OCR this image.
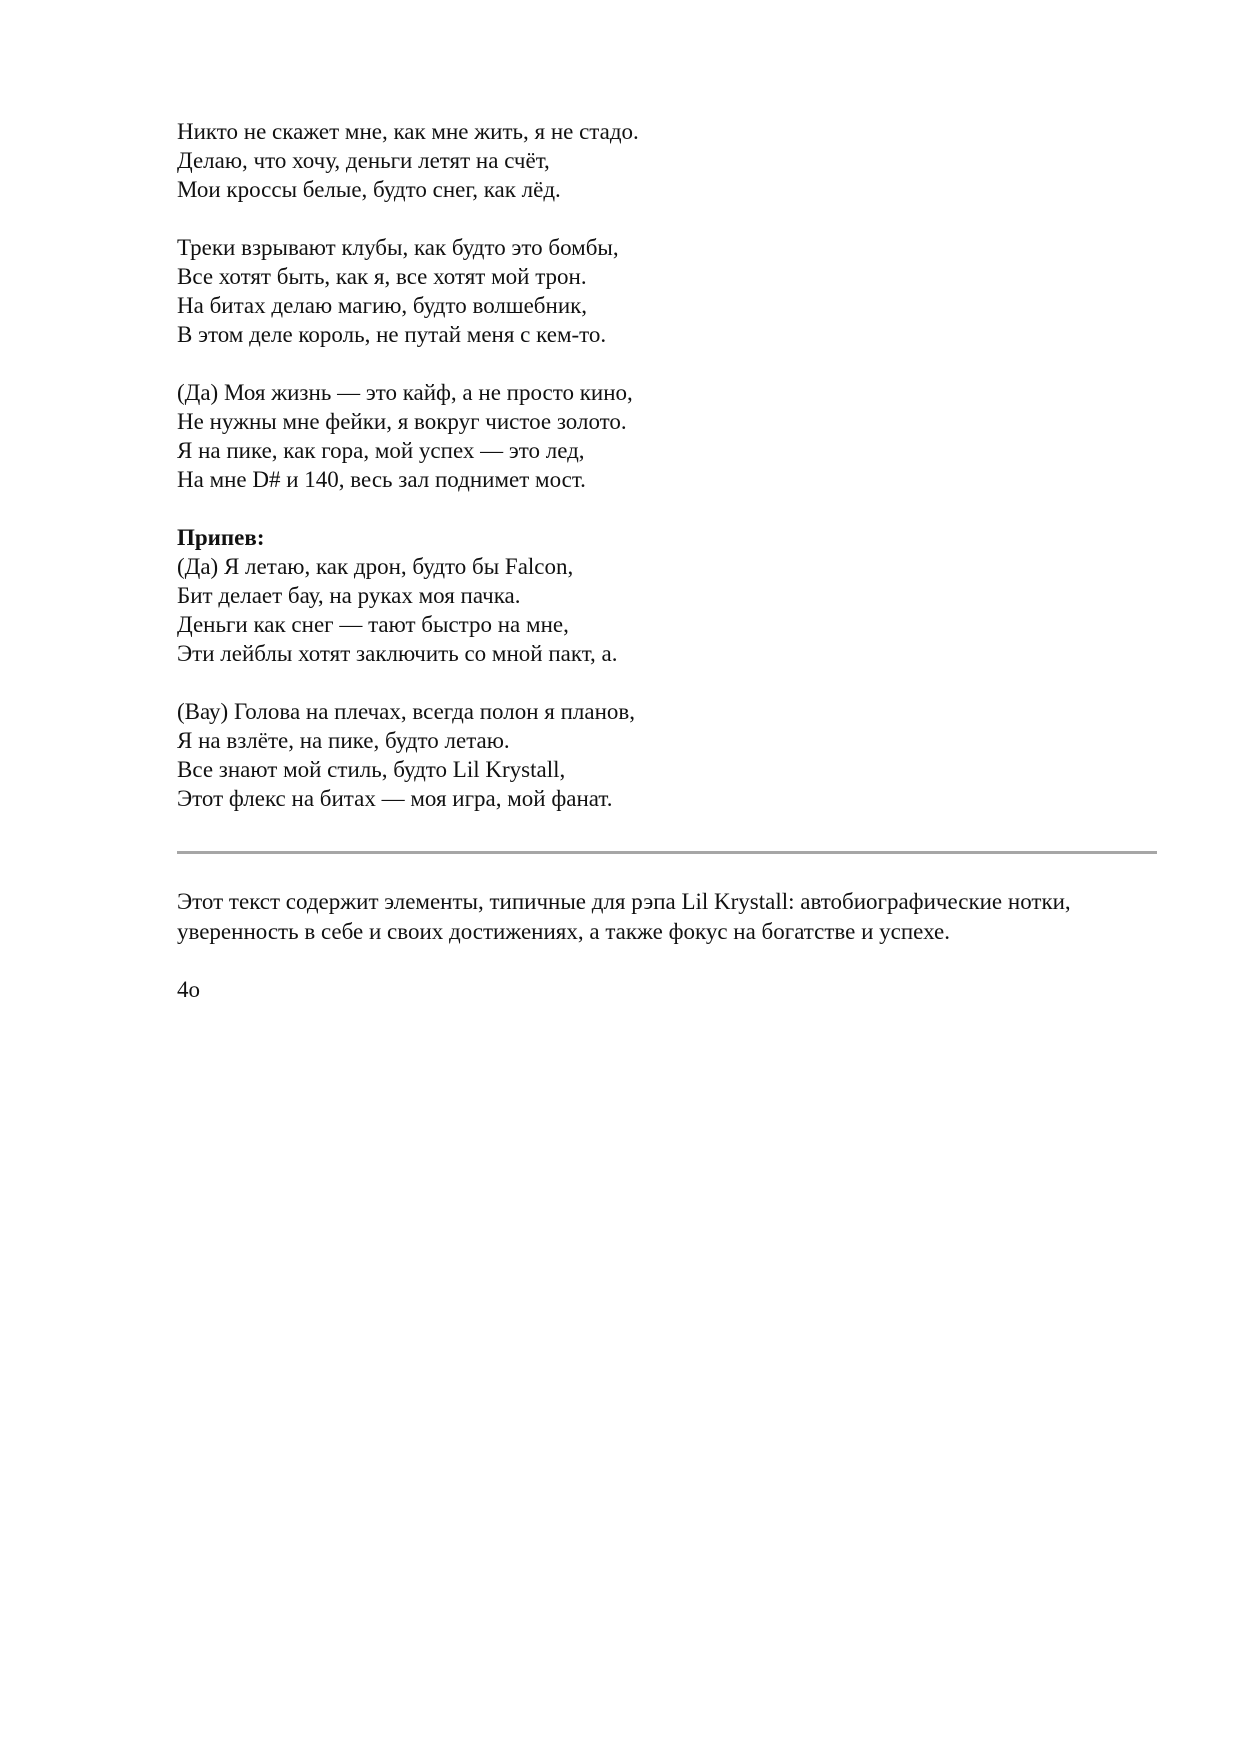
Никто не скажет мне, как мне жить, я не стадо.
Делаю, что хочу, деньги летят на счёт,
Мои кроссы белые, будто снег, как лёд.
Треки взрывают клубы, как будто это бомбы,
Все хотят быть, как я, все хотят мой трон.
На битах делаю магию, будто волшебник,
В этом деле король, не путай меня с кем-то.
(Да) Моя жизнь — это кайф, а не просто кино,
Не нужны мне фейки, я вокруг чистое золото.
Я на пике, как гора, мой успех — это лед,
На мне D# и 140, весь зал поднимет мост.
Припев:
(Да) Я летаю, как дрон, будто бы Falcon,
Бит делает бау, на руках моя пачка.
Деньги как снег — тают быстро на мне,
Эти лейблы хотят заключить со мной пакт, а.
(Вау) Голова на плечах, всегда полон я планов,
Я на взлёте, на пике, будто летаю.
Все знают мой стиль, будто Lil Krystall,
Этот флекс на битах — моя игра, мой фанат.
Этот текст содержит элементы, типичные для рэпа Lil Krystall: автобиографические нотки,
уверенность в себе и своих достижениях, а также фокус на богатстве и успехе.
4o
